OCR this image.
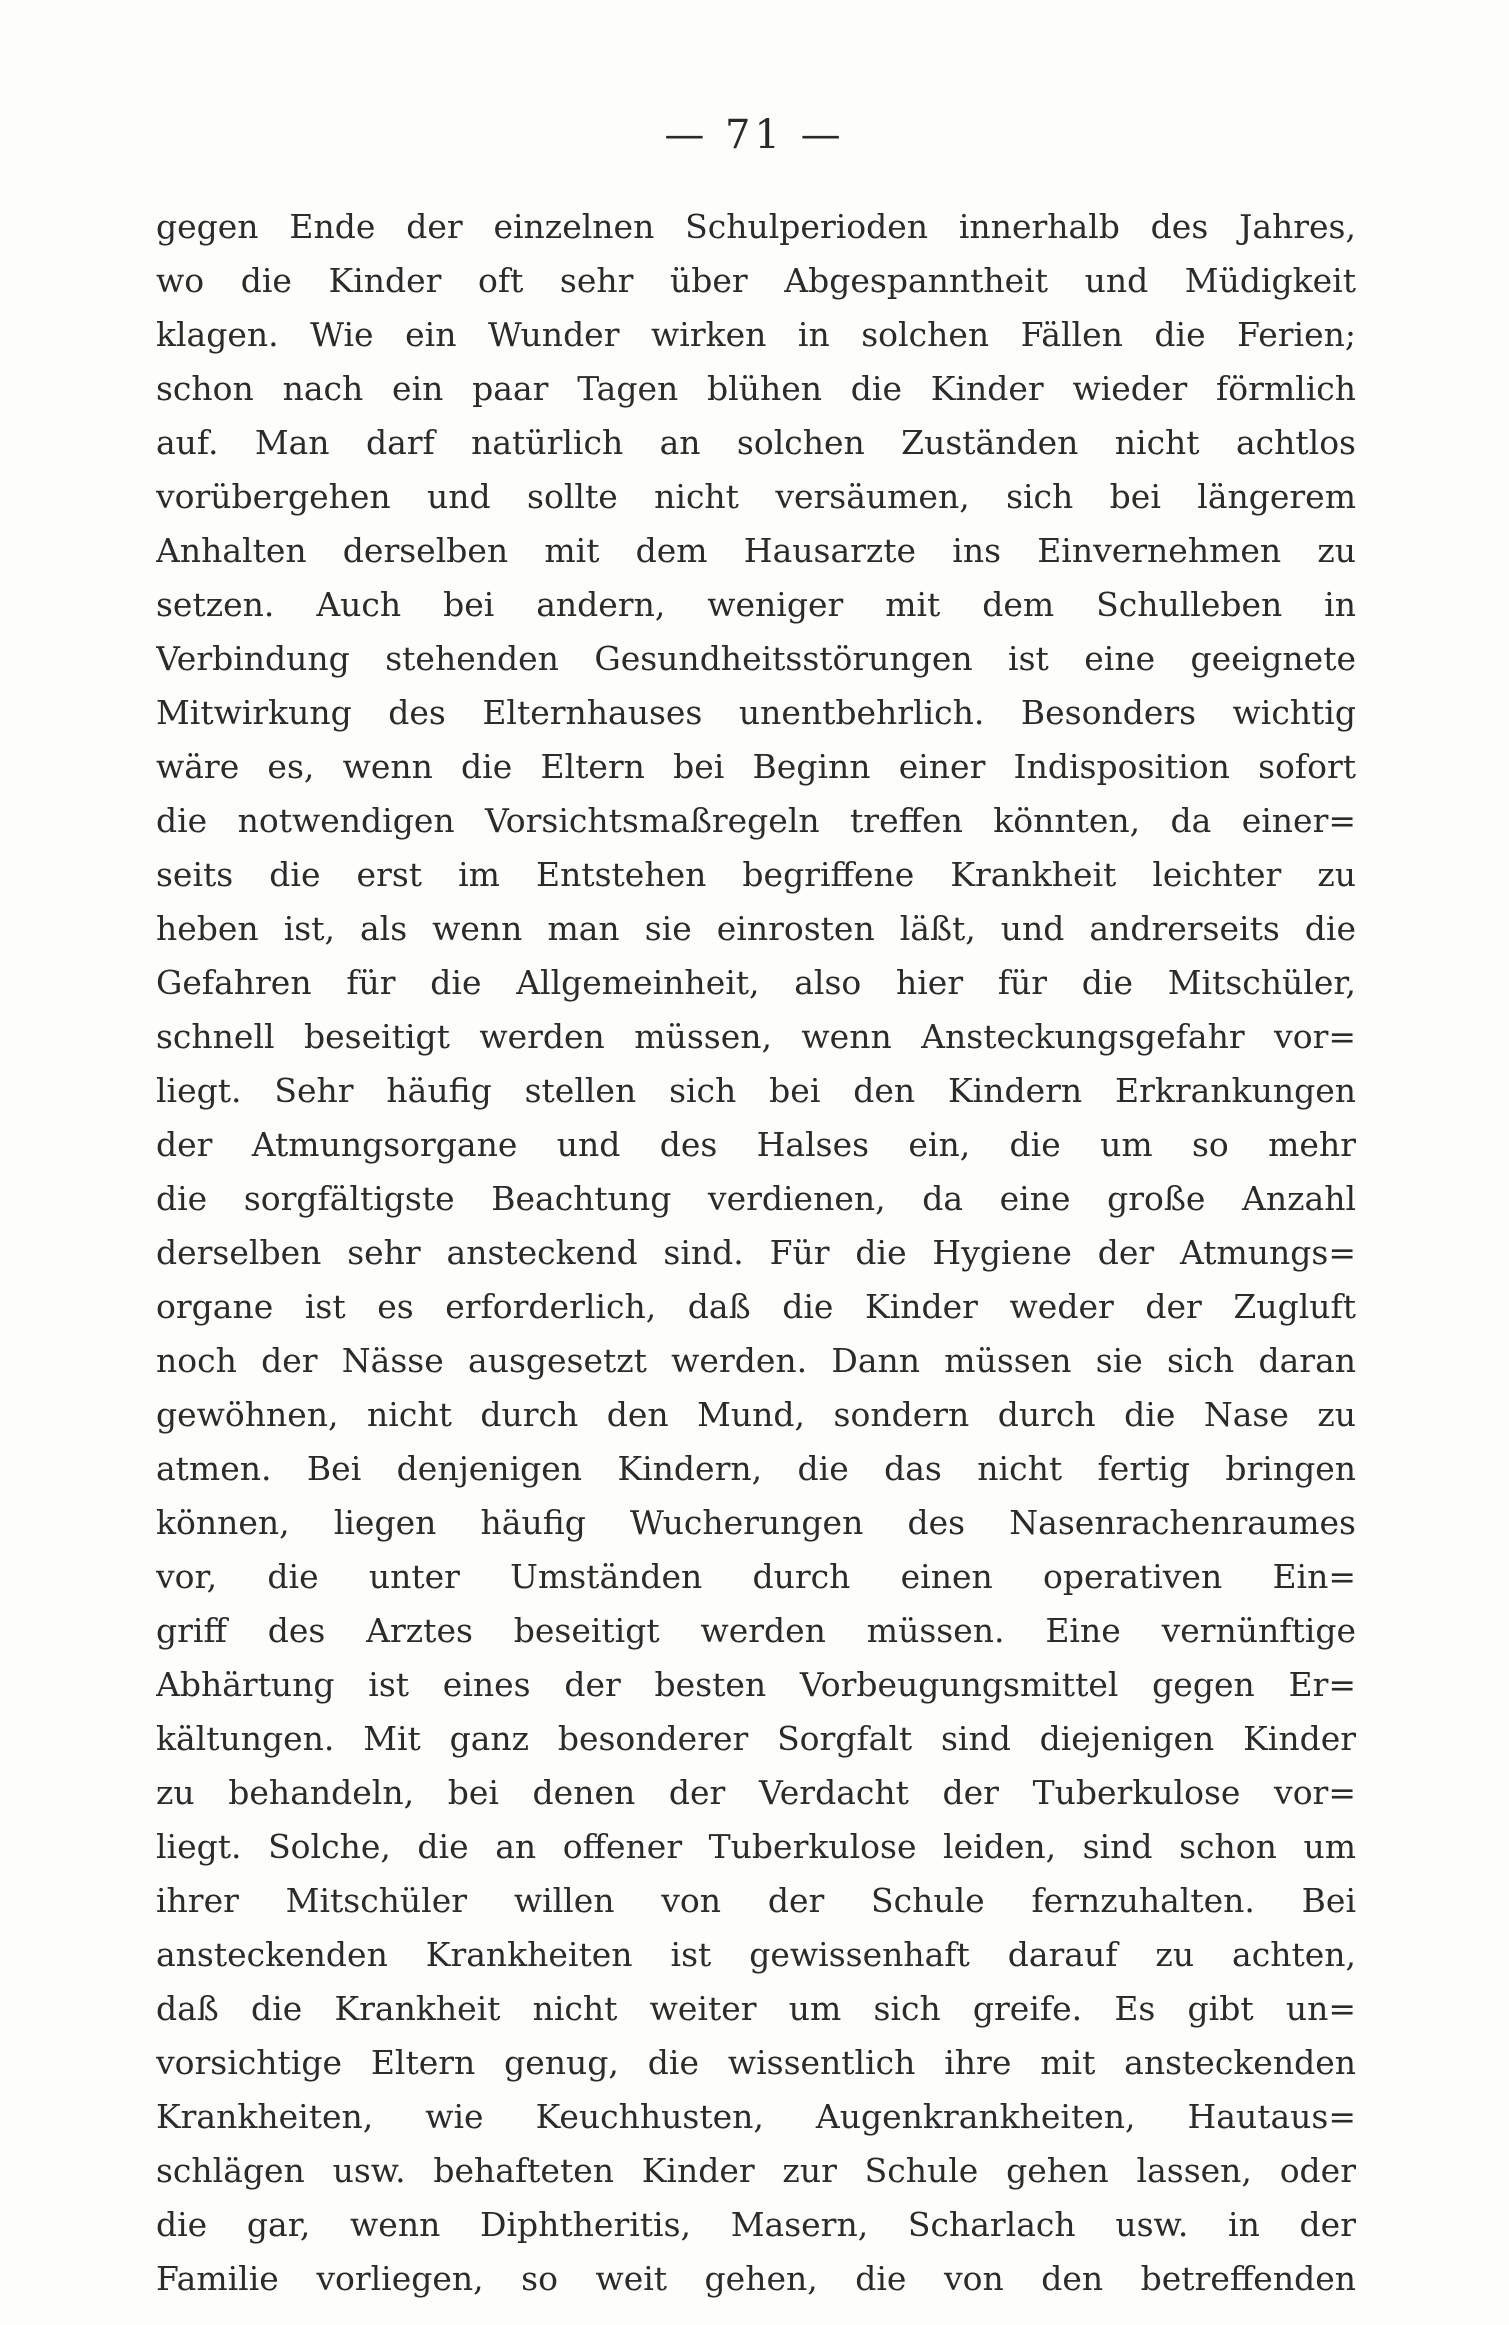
— 71 —
gegen Ende der einzelnen Schulperioden innerhalb des Jahres,
wo die Kinder oft sehr über Abgespanntheit und Müdigkeit
klagen. Wie ein Wunder wirken in solchen Fällen die Ferien;
schon nach ein paar Tagen blühen die Kinder wieder förmlich
auf. Man darf natürlich an solchen Zuständen nicht achtlos
vorübergehen und sollte nicht versäumen, sich bei längerem
Anhalten derselben mit dem Hausarzte ins Einvernehmen zu
setzen. Auch bei andern, weniger mit dem Schulleben in
Verbindung stehenden Gesundheitsstörungen ist eine geeignete
Mitwirkung des Elternhauses unentbehrlich. Besonders wichtig
wäre es, wenn die Eltern bei Beginn einer Indisposition sofort
die notwendigen Vorsichtsmaßregeln treffen könnten, da einer=
seits die erst im Entstehen begriffene Krankheit leichter zu
heben ist, als wenn man sie einrosten läßt, und andrerseits die
Gefahren für die Allgemeinheit, also hier für die Mitschüler,
schnell beseitigt werden müssen, wenn Ansteckungsgefahr vor=
liegt. Sehr häufig stellen sich bei den Kindern Erkrankungen
der Atmungsorgane und des Halses ein, die um so mehr
die sorgfältigste Beachtung verdienen, da eine große Anzahl
derselben sehr ansteckend sind. Für die Hygiene der Atmungs=
organe ist es erforderlich, daß die Kinder weder der Zugluft
noch der Nässe ausgesetzt werden. Dann müssen sie sich daran
gewöhnen, nicht durch den Mund, sondern durch die Nase zu
atmen. Bei denjenigen Kindern, die das nicht fertig bringen
können, liegen häufig Wucherungen des Nasenrachenraumes
vor, die unter Umständen durch einen operativen Ein=
griff des Arztes beseitigt werden müssen. Eine vernünftige
Abhärtung ist eines der besten Vorbeugungsmittel gegen Er=
kältungen. Mit ganz besonderer Sorgfalt sind diejenigen Kinder
zu behandeln, bei denen der Verdacht der Tuberkulose vor=
liegt. Solche, die an offener Tuberkulose leiden, sind schon um
ihrer Mitschüler willen von der Schule fernzuhalten. Bei
ansteckenden Krankheiten ist gewissenhaft darauf zu achten,
daß die Krankheit nicht weiter um sich greife. Es gibt un=
vorsichtige Eltern genug, die wissentlich ihre mit ansteckenden
Krankheiten, wie Keuchhusten, Augenkrankheiten, Hautaus=
schlägen usw. behafteten Kinder zur Schule gehen lassen, oder
die gar, wenn Diphtheritis, Masern, Scharlach usw. in der
Familie vorliegen, so weit gehen, die von den betreffenden
